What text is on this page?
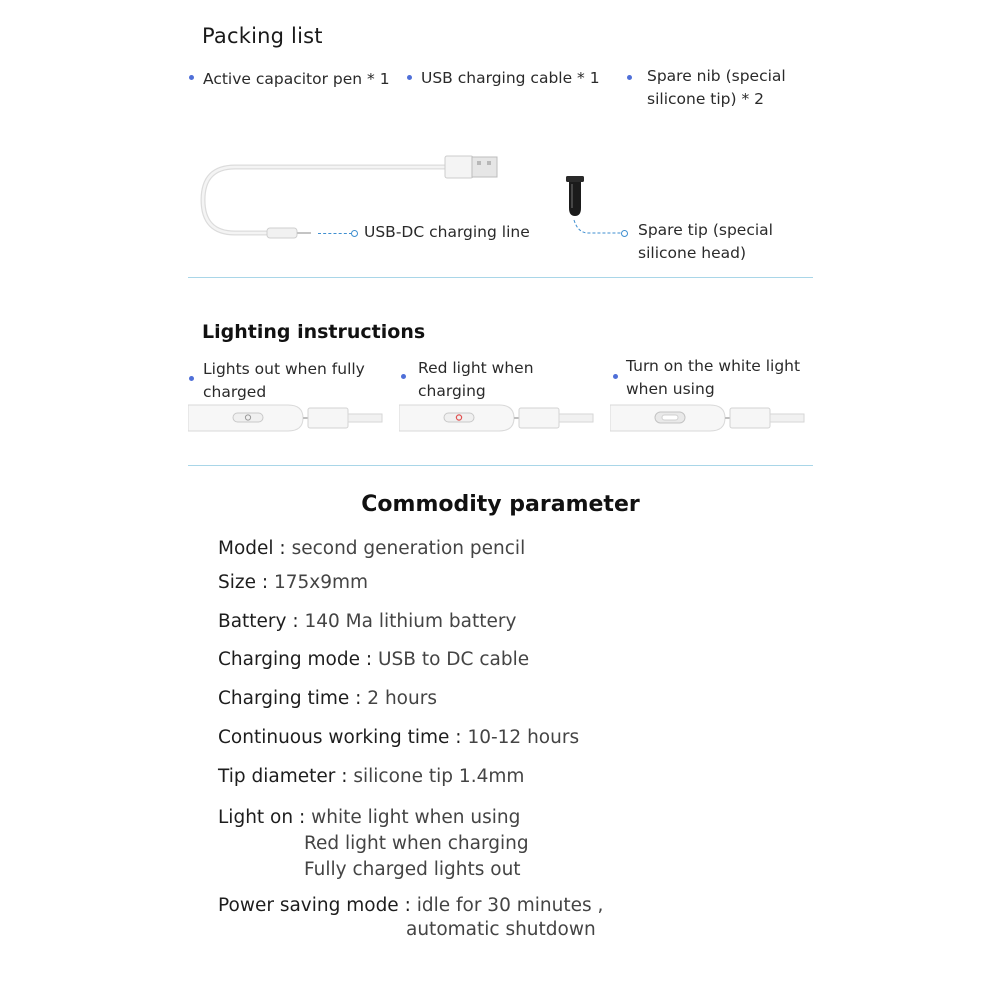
Packing list
Active capacitor pen * 1 USB charging cable * 1	Spare nib (special silicone tip) * 2
USB-DC charging line	Spare tip (special silicone head)
Lighting instructions
Lights out when fully charged
Red light when charging
Turn on the white light when using
Commodity parameter
Model : second generation pencil
Size : 175x9mm
Battery : 140 Ma lithium battery
Charging mode : USB to DC cable
Charging time : 2 hours
Continuous working time : 10-12 hours
Tip diameter : silicone tip 1.4mm
Light on : white light when using
Red light when charging
Fully charged lights out
Power saving mode : idle for 30 minutes ,
automatic shutdown
